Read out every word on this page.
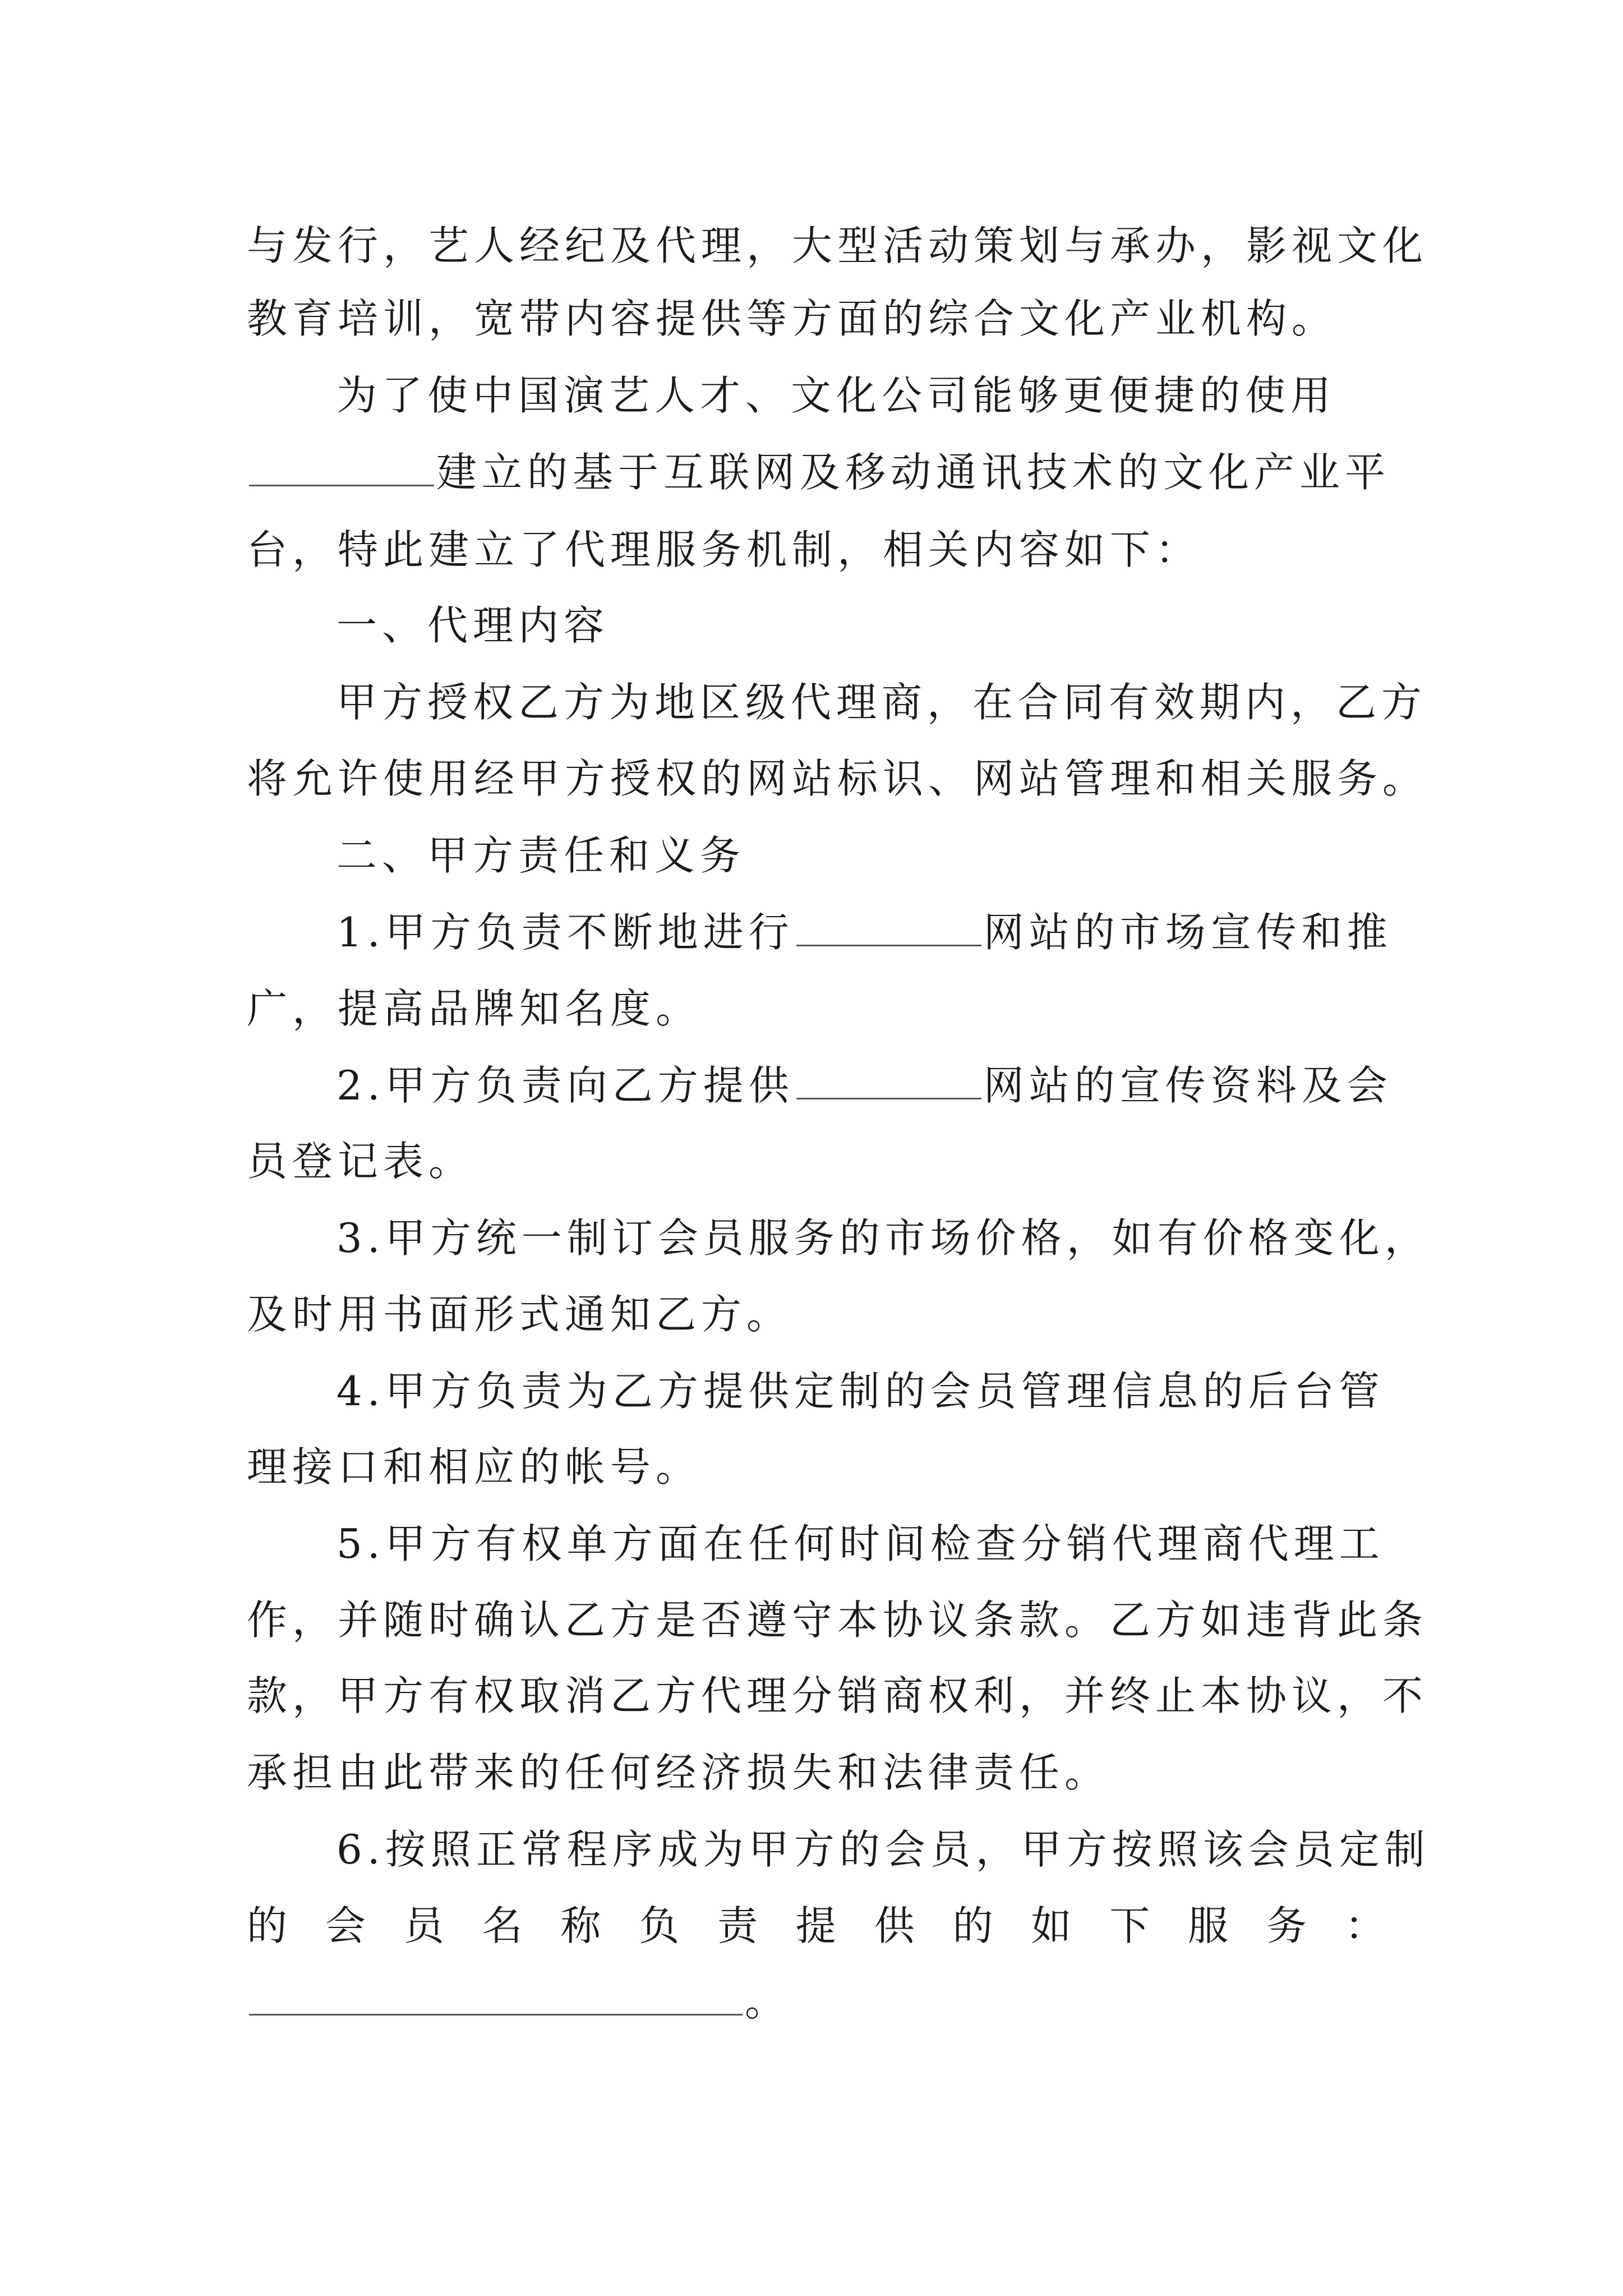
与发行，艺人经纪及代理，大型活动策划与承办，影视文化
教育培训，宽带内容提供等方面的综合文化产业机构。
为了使中国演艺人才、文化公司能够更便捷的使用
建立的基于互联网及移动通讯技术的文化产业平
台，特此建立了代理服务机制，相关内容如下：
一、代理内容
甲方授权乙方为地区级代理商，在合同有效期内，乙方
将允许使用经甲方授权的网站标识、网站管理和相关服务。
二、甲方责任和义务
1.甲方负责不断地进行	网站的市场宣传和推
广，提高品牌知名度。
2.甲方负责向乙方提供	网站的宣传资料及会
员登记表。
3.甲方统一制订会员服务的市场价格，如有价格变化，
及时用书面形式通知乙方。
4.甲方负责为乙方提供定制的会员管理信息的后台管
理接口和相应的帐号。
5.甲方有权单方面在任何时间检查分销代理商代理工
作，并随时确认乙方是否遵守本协议条款。乙方如违背此条
款，甲方有权取消乙方代理分销商权利，并终止本协议，不
承担由此带来的任何经济损失和法律责任。
6.按照正常程序成为甲方的会员，甲方按照该会员定制
的 会 员 名 称 负 责 提 供 的 如 下 服 务 ：
。
